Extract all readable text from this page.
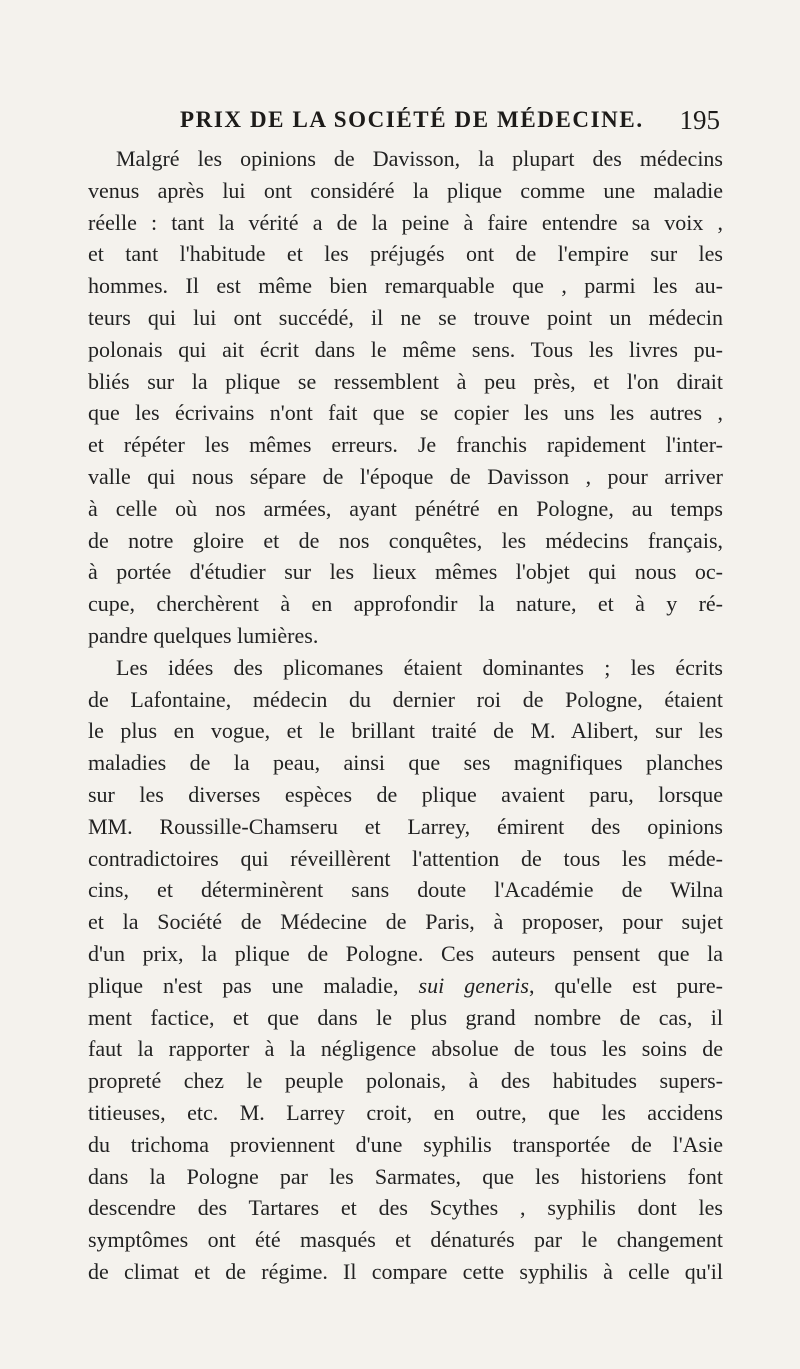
PRIX DE LA SOCIÉTÉ DE MÉDECINE. 195
Malgré les opinions de Davisson, la plupart des médecins
venus après lui ont considéré la plique comme une maladie
réelle : tant la vérité a de la peine à faire entendre sa voix ,
et tant l'habitude et les préjugés ont de l'empire sur les
hommes. Il est même bien remarquable que , parmi les au-
teurs qui lui ont succédé, il ne se trouve point un médecin
polonais qui ait écrit dans le même sens. Tous les livres pu-
bliés sur la plique se ressemblent à peu près, et l'on dirait
que les écrivains n'ont fait que se copier les uns les autres ,
et répéter les mêmes erreurs. Je franchis rapidement l'inter-
valle qui nous sépare de l'époque de Davisson , pour arriver
à celle où nos armées, ayant pénétré en Pologne, au temps
de notre gloire et de nos conquêtes, les médecins français,
à portée d'étudier sur les lieux mêmes l'objet qui nous oc-
cupe, cherchèrent à en approfondir la nature, et à y ré-
pandre quelques lumières.
Les idées des plicomanes étaient dominantes ; les écrits
de Lafontaine, médecin du dernier roi de Pologne, étaient
le plus en vogue, et le brillant traité de M. Alibert, sur les
maladies de la peau, ainsi que ses magnifiques planches
sur les diverses espèces de plique avaient paru, lorsque
MM. Roussille-Chamseru et Larrey, émirent des opinions
contradictoires qui réveillèrent l'attention de tous les méde-
cins, et déterminèrent sans doute l'Académie de Wilna
et la Société de Médecine de Paris, à proposer, pour sujet
d'un prix, la plique de Pologne. Ces auteurs pensent que la
plique n'est pas une maladie, sui generis, qu'elle est pure-
ment factice, et que dans le plus grand nombre de cas, il
faut la rapporter à la négligence absolue de tous les soins de
propreté chez le peuple polonais, à des habitudes supers-
titieuses, etc. M. Larrey croit, en outre, que les accidens
du trichoma proviennent d'une syphilis transportée de l'Asie
dans la Pologne par les Sarmates, que les historiens font
descendre des Tartares et des Scythes , syphilis dont les
symptômes ont été masqués et dénaturés par le changement
de climat et de régime. Il compare cette syphilis à celle qu'il
